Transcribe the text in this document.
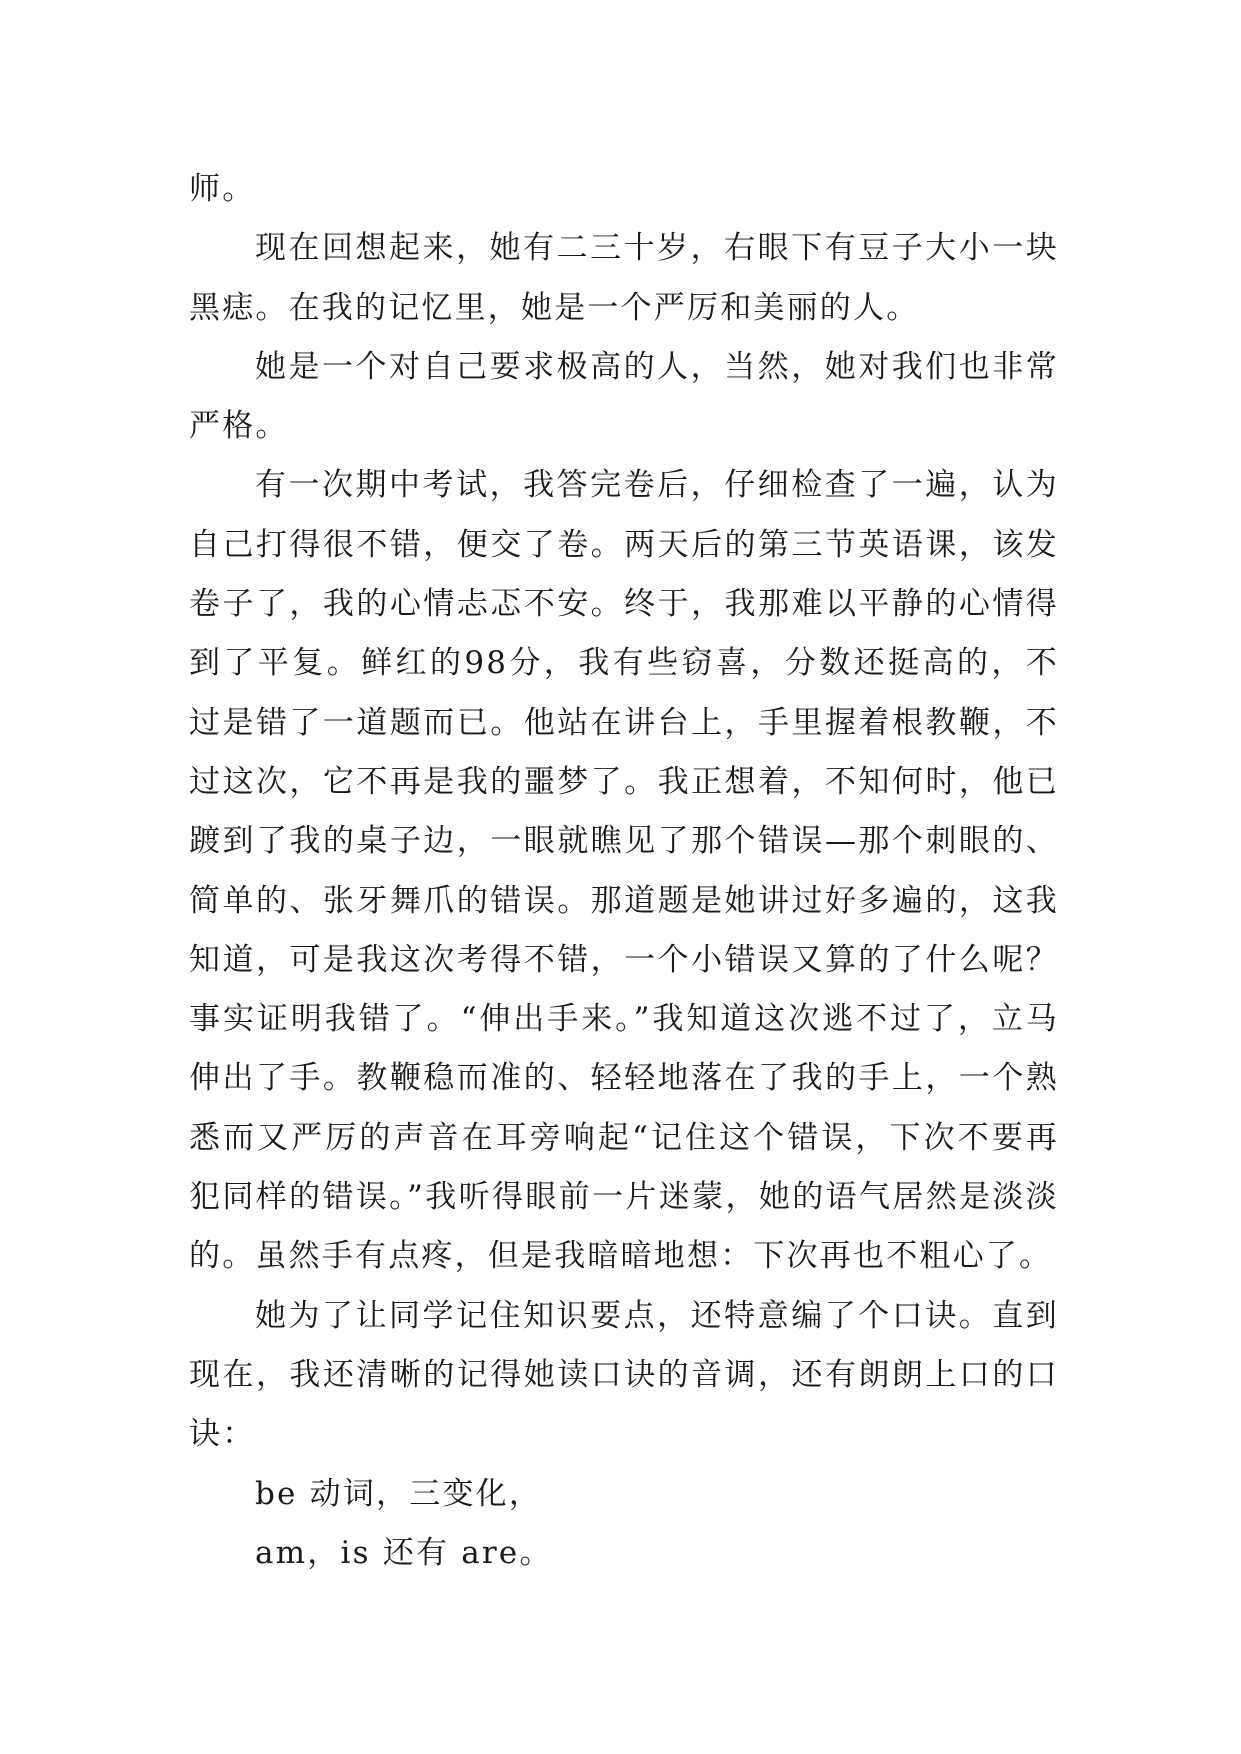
师。

现在回想起来，她有二三十岁，右眼下有豆子大小一块黑痣。在我的记忆里，她是一个严厉和美丽的人。

她是一个对自己要求极高的人，当然，她对我们也非常严格。

有一次期中考试，我答完卷后，仔细检查了一遍，认为自己打得很不错，便交了卷。两天后的第三节英语课，该发卷子了，我的心情忐忑不安。终于，我那难以平静的心情得到了平复。鲜红的98分，我有些窃喜，分数还挺高的，不过是错了一道题而已。他站在讲台上，手里握着根教鞭，不过这次，它不再是我的噩梦了。我正想着，不知何时，他已踱到了我的桌子边，一眼就瞧见了那个错误—那个刺眼的、简单的、张牙舞爪的错误。那道题是她讲过好多遍的，这我知道，可是我这次考得不错，一个小错误又算的了什么呢？事实证明我错了。“伸出手来。”我知道这次逃不过了，立马伸出了手。教鞭稳而准的、轻轻地落在了我的手上，一个熟悉而又严厉的声音在耳旁响起“记住这个错误，下次不要再犯同样的错误。”我听得眼前一片迷蒙，她的语气居然是淡淡的。虽然手有点疼，但是我暗暗地想：下次再也不粗心了。

她为了让同学记住知识要点，还特意编了个口诀。直到现在，我还清晰的记得她读口诀的音调，还有朗朗上口的口诀：

be 动词，三变化，

am，is 还有 are。
